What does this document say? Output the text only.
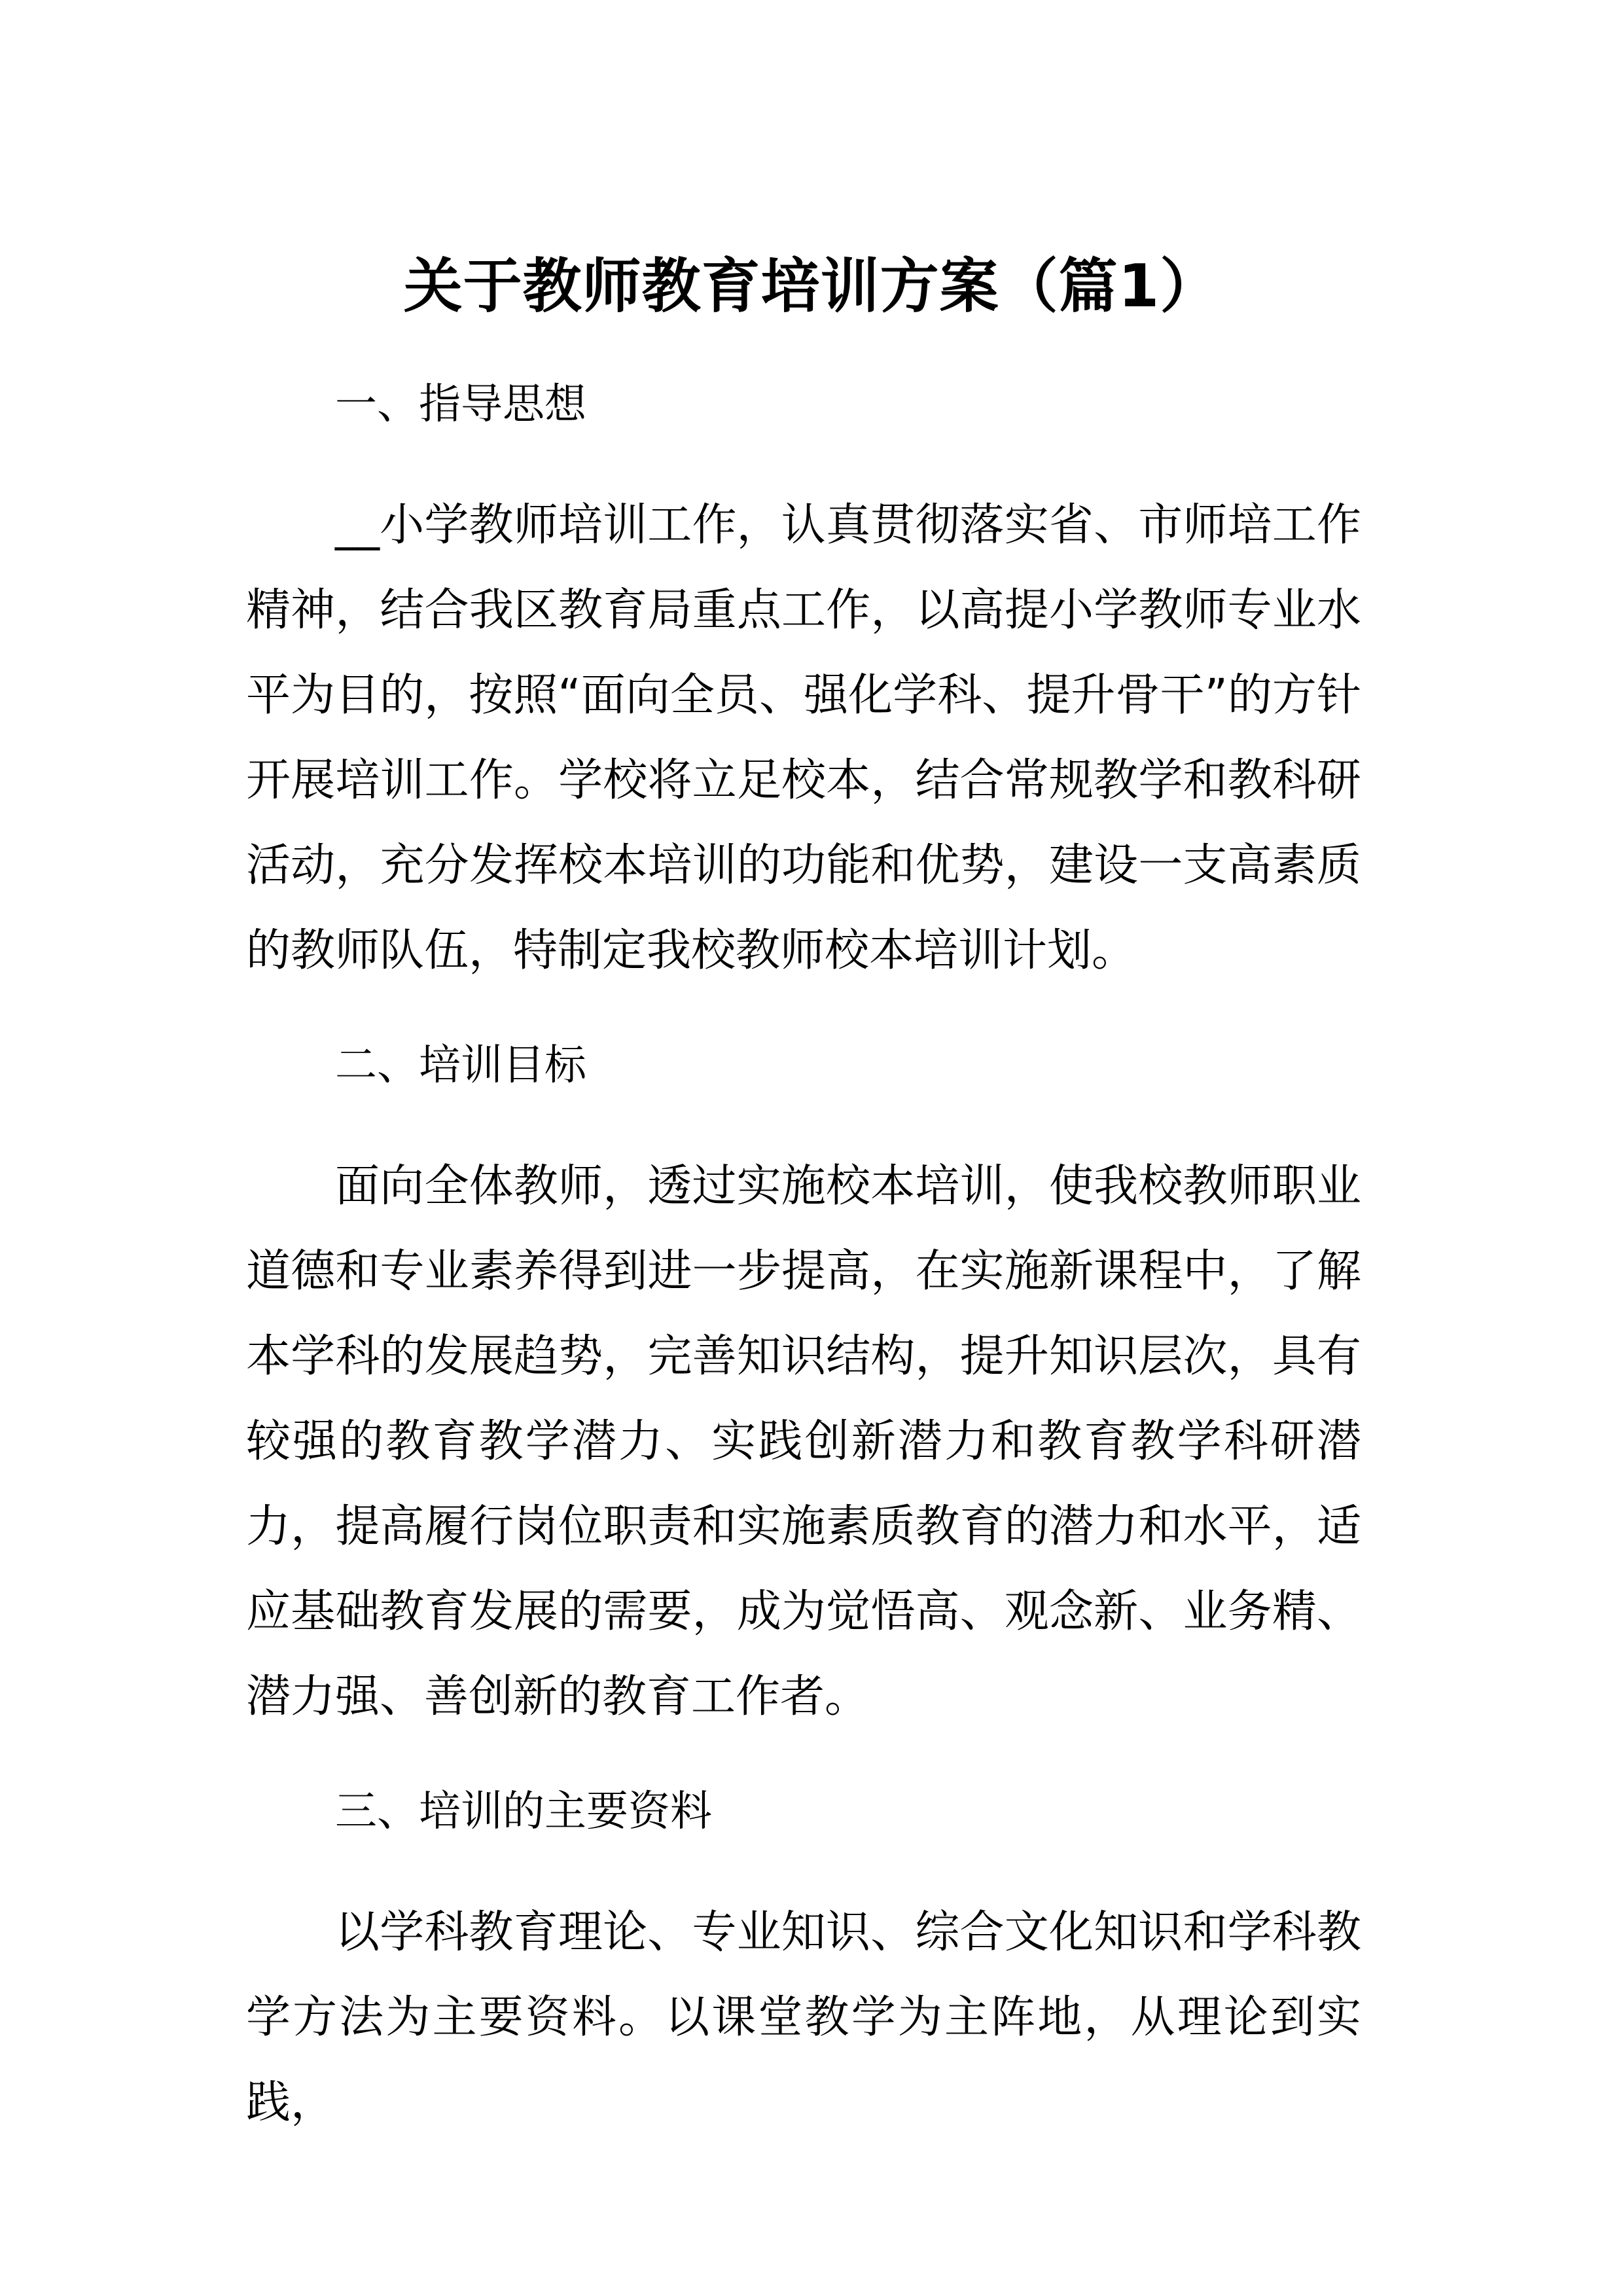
关于教师教育培训方案（篇1）
一、指导思想

__小学教师培训工作，认真贯彻落实省、市师培工作精神，结合我区教育局重点工作，以高提小学教师专业水平为目的，按照“面向全员、强化学科、提升骨干”的方针开展培训工作。学校将立足校本，结合常规教学和教科研活动，充分发挥校本培训的功能和优势，建设一支高素质的教师队伍，特制定我校教师校本培训计划。

二、培训目标

面向全体教师，透过实施校本培训，使我校教师职业道德和专业素养得到进一步提高，在实施新课程中，了解本学科的发展趋势，完善知识结构，提升知识层次，具有较强的教育教学潜力、实践创新潜力和教育教学科研潜力，提高履行岗位职责和实施素质教育的潜力和水平，适应基础教育发展的需要，成为觉悟高、观念新、业务精、潜力强、善创新的教育工作者。

三、培训的主要资料

以学科教育理论、专业知识、综合文化知识和学科教学方法为主要资料。以课堂教学为主阵地，从理论到实践，
